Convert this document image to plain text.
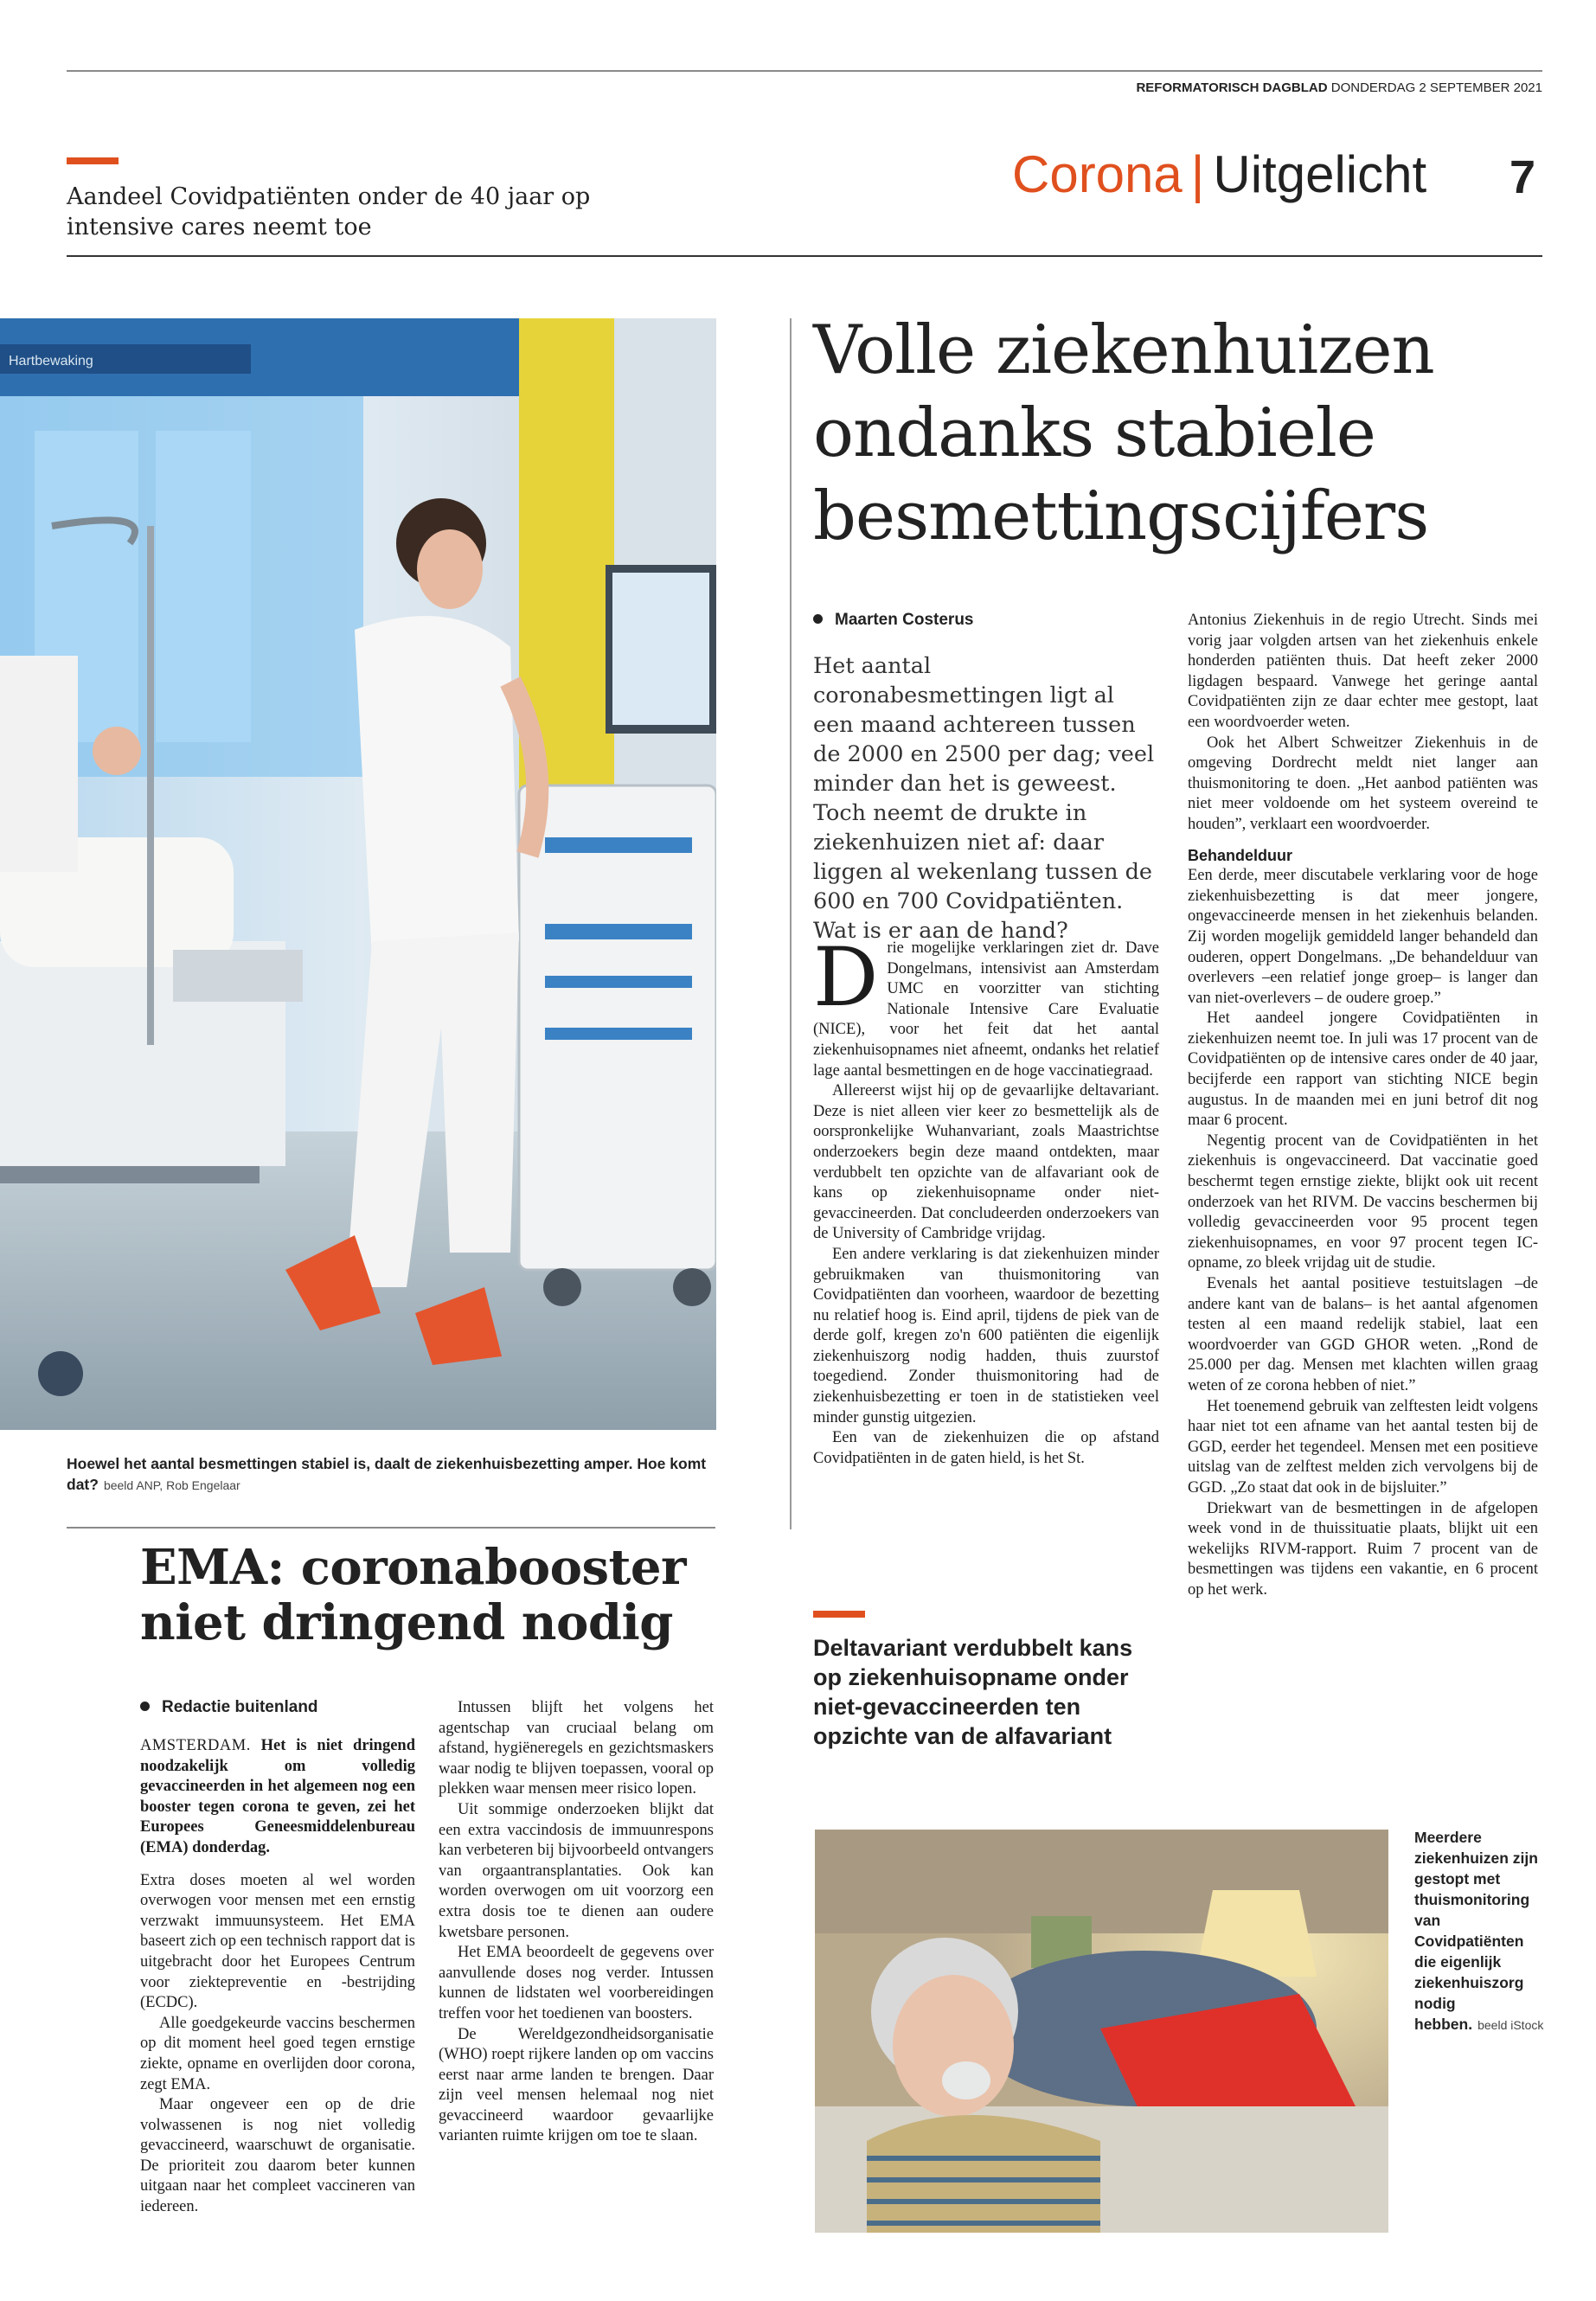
REFORMATORISCH DAGBLAD DONDERDAG 2 SEPTEMBER 2021
Aandeel Covidpatiënten onder de 40 jaar op intensive cares neemt toe
Corona | Uitgelicht 7
Hartbewaking
Hoewel het aantal besmettingen stabiel is, daalt de ziekenhuisbezetting amper. Hoe komt dat? beeld ANP, Rob Engelaar
Volle ziekenhuizen ondanks stabiele besmettingscijfers
Maarten Costerus
Het aantal coronabesmettingen ligt al een maand achtereen tussen de 2000 en 2500 per dag; veel minder dan het is geweest. Toch neemt de drukte in ziekenhuizen niet af: daar liggen al wekenlang tussen de 600 en 700 Covidpatiënten. Wat is er aan de hand?

Drie mogelijke verklaringen ziet dr. Dave Dongelmans, intensivist aan Amsterdam UMC en voorzitter van stichting Nationale Intensive Care Evaluatie (NICE), voor het feit dat het aantal ziekenhuisopnames niet afneemt, ondanks het relatief lage aantal besmettingen en de hoge vaccinatiegraad.

Allereerst wijst hij op de gevaarlijke deltavariant. Deze is niet alleen vier keer zo besmettelijk als de oorspronkelijke Wuhanvariant, zoals Maastrichtse onderzoekers begin deze maand ontdekten, maar verdubbelt ten opzichte van de alfavariant ook de kans op ziekenhuisopname onder niet-gevaccineerden. Dat concludeerden onderzoekers van de University of Cambridge vrijdag.

Een andere verklaring is dat ziekenhuizen minder gebruikmaken van thuismonitoring van Covidpatiënten dan voorheen, waardoor de bezetting nu relatief hoog is. Eind april, tijdens de piek van de derde golf, kregen zo'n 600 patiënten die eigenlijk ziekenhuiszorg nodig hadden, thuis zuurstof toegediend. Zonder thuismonitoring had de ziekenhuisbezetting er toen in de statistieken veel minder gunstig uitgezien.

Een van de ziekenhuizen die op afstand Covidpatiënten in de gaten hield, is het St.

Antonius Ziekenhuis in de regio Utrecht. Sinds mei vorig jaar volgden artsen van het ziekenhuis enkele honderden patiënten thuis. Dat heeft zeker 2000 ligdagen bespaard. Vanwege het geringe aantal Covidpatiënten zijn ze daar echter mee gestopt, laat een woordvoerder weten.

Ook het Albert Schweitzer Ziekenhuis in de omgeving Dordrecht meldt niet langer aan thuismonitoring te doen. „Het aanbod patiënten was niet meer voldoende om het systeem overeind te houden”, verklaart een woordvoerder.

Behandelduur

Een derde, meer discutabele verklaring voor de hoge ziekenhuisbezetting is dat meer jongere, ongevaccineerde mensen in het ziekenhuis belanden. Zij worden mogelijk gemiddeld langer behandeld dan ouderen, oppert Dongelmans. „De behandelduur van overlevers –een relatief jonge groep– is langer dan van niet-overlevers – de oudere groep.”

Het aandeel jongere Covidpatiënten in ziekenhuizen neemt toe. In juli was 17 procent van de Covidpatiënten op de intensive cares onder de 40 jaar, becijferde een rapport van stichting NICE begin augustus. In de maanden mei en juni betrof dit nog maar 6 procent.

Negentig procent van de Covidpatiënten in het ziekenhuis is ongevaccineerd. Dat vaccinatie goed beschermt tegen ernstige ziekte, blijkt ook uit recent onderzoek van het RIVM. De vaccins beschermen bij volledig gevaccineerden voor 95 procent tegen ziekenhuisopnames, en voor 97 procent tegen IC-opname, zo bleek vrijdag uit de studie.

Evenals het aantal positieve testuitslagen –de andere kant van de balans– is het aantal afgenomen testen al een maand redelijk stabiel, laat een woordvoerder van GGD GHOR weten. „Rond de 25.000 per dag. Mensen met klachten willen graag weten of ze corona hebben of niet.”

Het toenemend gebruik van zelftesten leidt volgens haar niet tot een afname van het aantal testen bij de GGD, eerder het tegendeel. Mensen met een positieve uitslag van de zelftest melden zich vervolgens bij de GGD. „Zo staat dat ook in de bijsluiter.”

Driekwart van de besmettingen in de afgelopen week vond in de thuissituatie plaats, blijkt uit een wekelijks RIVM-rapport. Ruim 7 procent van de besmettingen was tijdens een vakantie, en 6 procent op het werk.

Deltavariant verdubbelt kans op ziekenhuisopname onder niet-gevaccineerden ten opzichte van de alfavariant
EMA: coronabooster niet dringend nodig
Redactie buitenland

AMSTERDAM. Het is niet dringend noodzakelijk om volledig gevaccineerden in het algemeen nog een booster tegen corona te geven, zei het Europees Geneesmiddelenbureau (EMA) donderdag.

Extra doses moeten al wel worden overwogen voor mensen met een ernstig verzwakt immuunsysteem. Het EMA baseert zich op een technisch rapport dat is uitgebracht door het Europees Centrum voor ziektepreventie en -bestrijding (ECDC).

Alle goedgekeurde vaccins beschermen op dit moment heel goed tegen ernstige ziekte, opname en overlijden door corona, zegt EMA.

Maar ongeveer een op de drie volwassenen is nog niet volledig gevaccineerd, waarschuwt de organisatie. De prioriteit zou daarom beter kunnen uitgaan naar het compleet vaccineren van iedereen.

Intussen blijft het volgens het agentschap van cruciaal belang om afstand, hygiëneregels en gezichtsmaskers waar nodig te blijven toepassen, vooral op plekken waar mensen meer risico lopen.

Uit sommige onderzoeken blijkt dat een extra vaccindosis de immuunrespons kan verbeteren bij bijvoorbeeld ontvangers van orgaantransplantaties. Ook kan worden overwogen om uit voorzorg een extra dosis toe te dienen aan oudere kwetsbare personen.

Het EMA beoordeelt de gegevens over aanvullende doses nog verder. Intussen kunnen de lidstaten wel voorbereidingen treffen voor het toedienen van boosters.

De Wereldgezondheidsorganisatie (WHO) roept rijkere landen op om vaccins eerst naar arme landen te brengen. Daar zijn veel mensen helemaal nog niet gevaccineerd waardoor gevaarlijke varianten ruimte krijgen om toe te slaan.

Meerdere ziekenhuizen zijn gestopt met thuismonitoring van Covidpatiënten die eigenlijk ziekenhuiszorg nodig hebben. beeld iStock
